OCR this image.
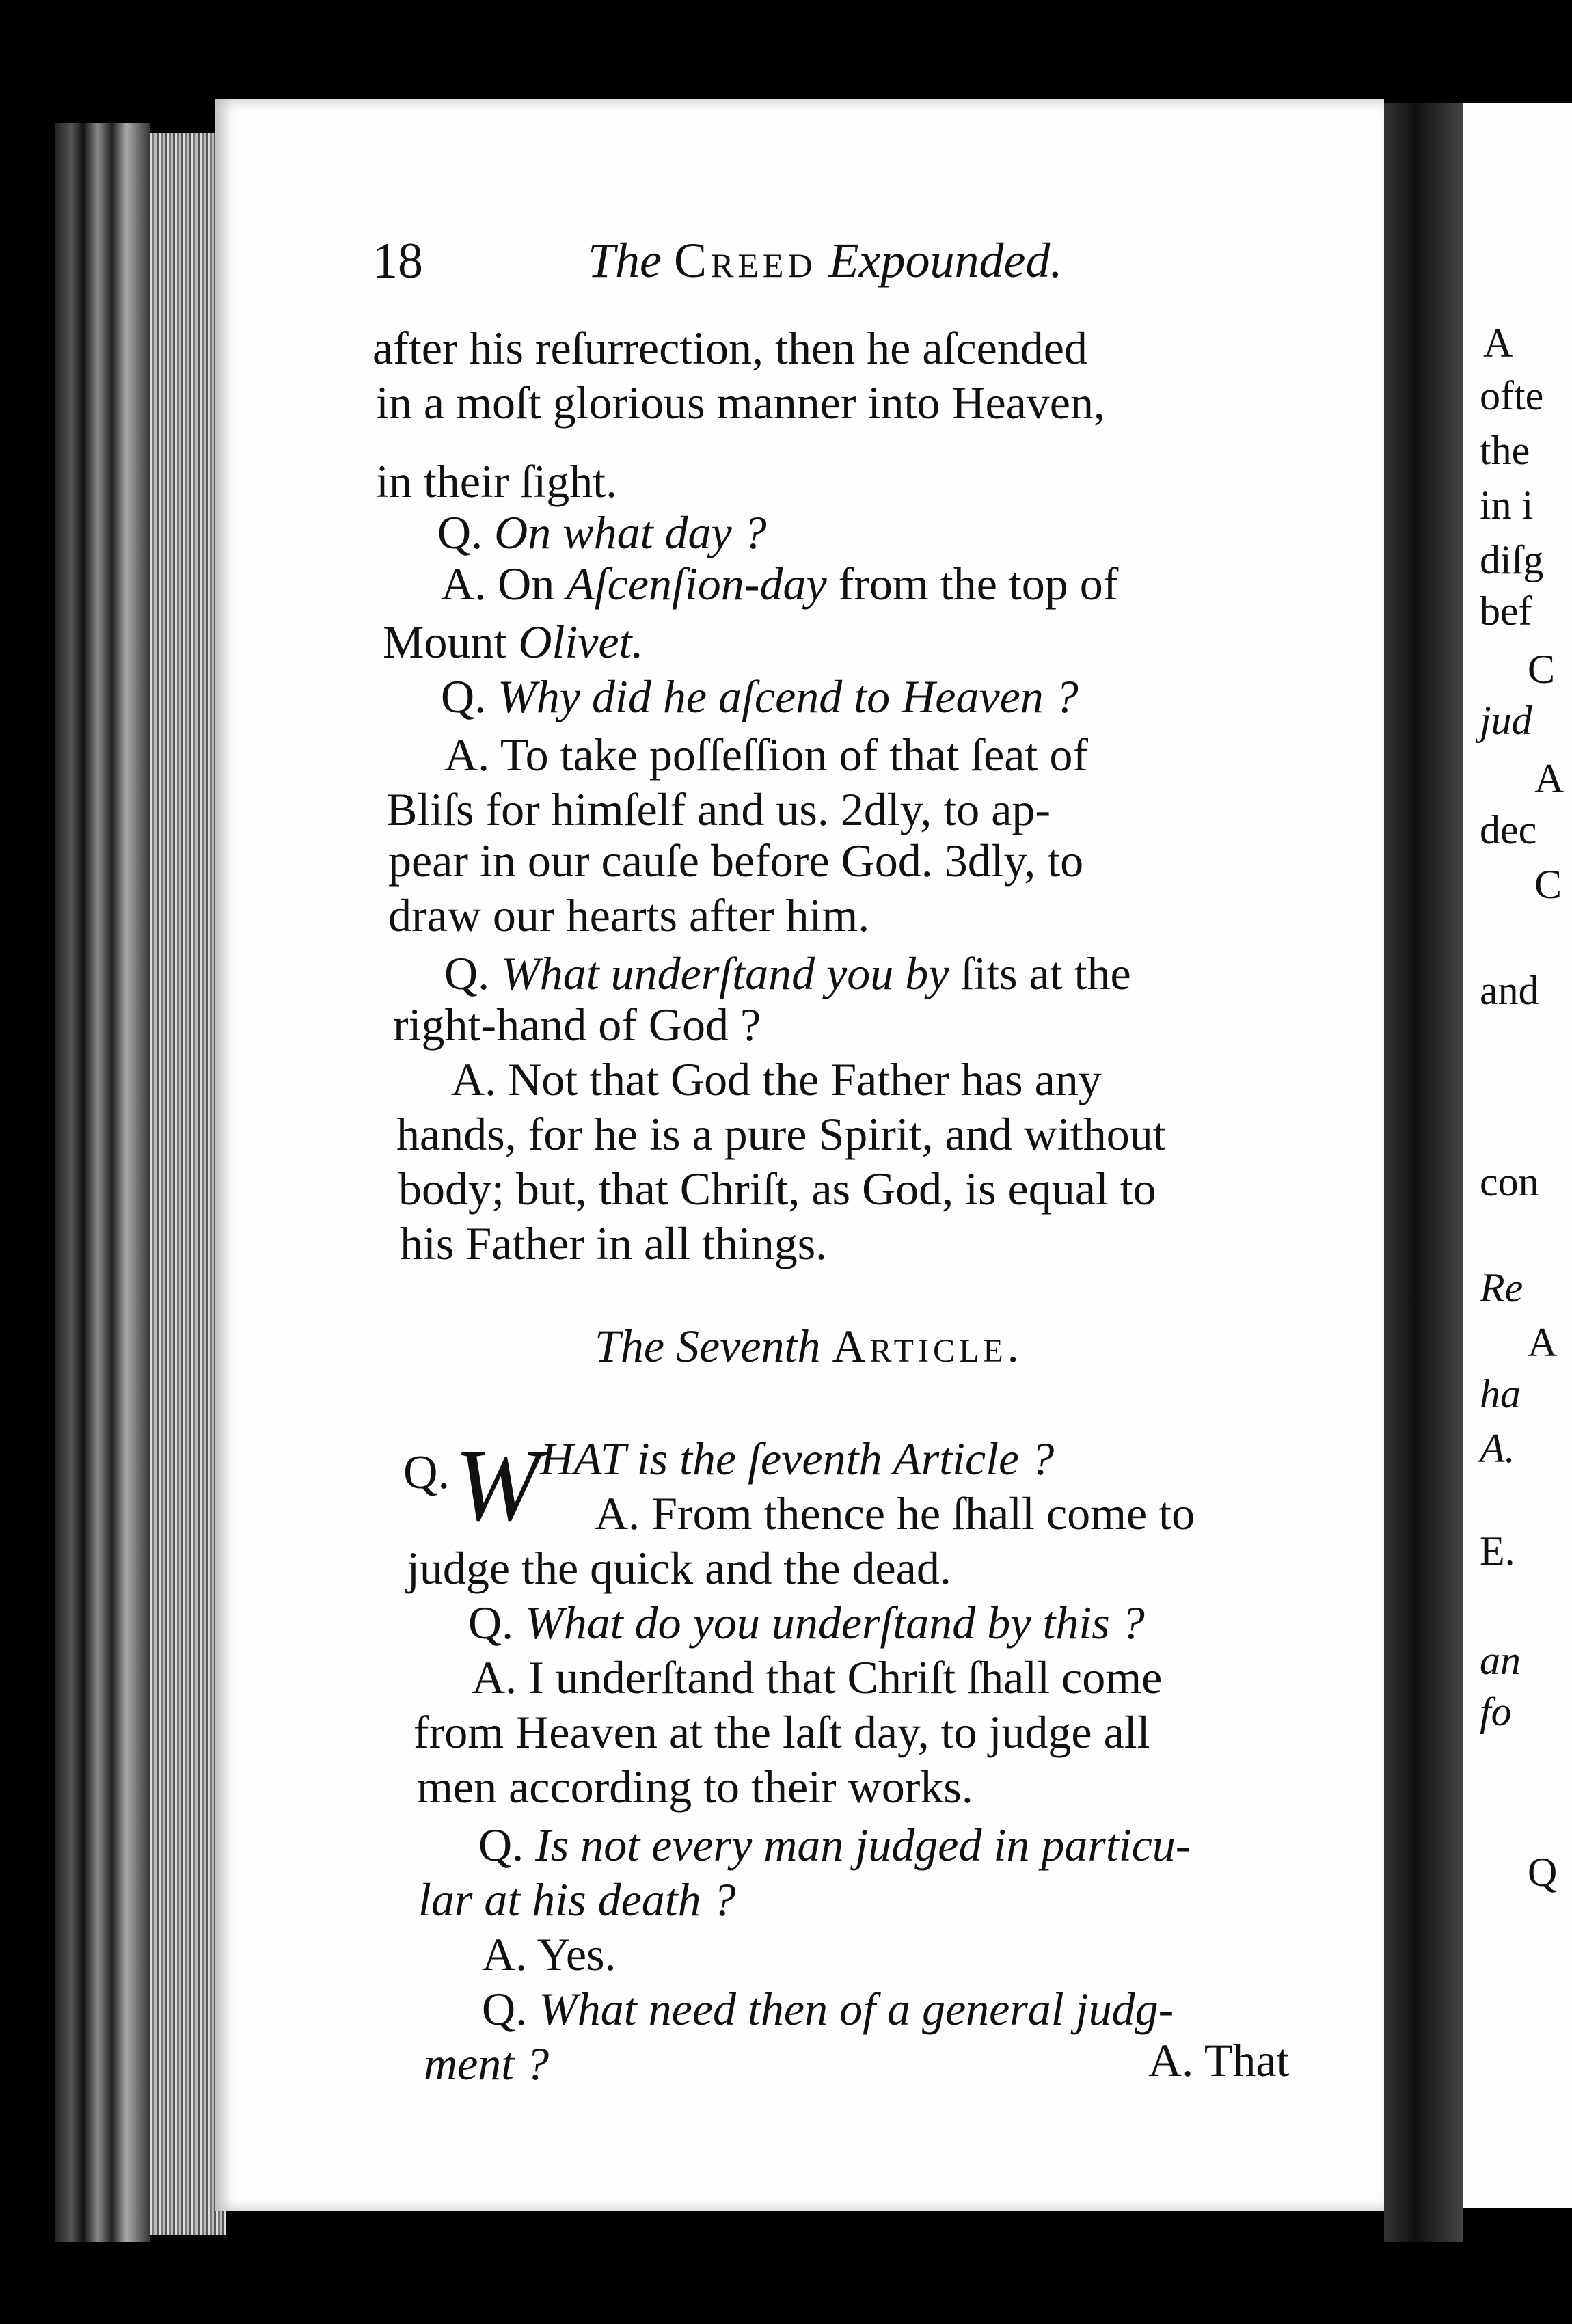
A
ofte
the
in i
diſg
bef
C
jud
A
dec
C
and
con
Re
A
ha
A.
E.
an
fo
Q
18	The Creed Expounded.
after his reſurrection, then he aſcended
in a moſt glorious manner into Heaven,
in their ſight.
Q. On what day ?
A. On Aſcenſion-day from the top of
Mount Olivet.
Q. Why did he aſcend to Heaven ?
A. To take poſſeſſion of that ſeat of
Bliſs for himſelf and us. 2dly, to ap-
pear in our cauſe before God. 3dly, to
draw our hearts after him.
Q. What underſtand you by ſits at the
right-hand of God ?
A. Not that God the Father has any
hands, for he is a pure Spirit, and without
body; but, that Chriſt, as God, is equal to
his Father in all things.
The Seventh Article.
Q. W HAT is the ſeventh Article ?
A. From thence he ſhall come to
judge the quick and the dead.
Q. What do you underſtand by this ?
A. I underſtand that Chriſt ſhall come
from Heaven at the laſt day, to judge all
men according to their works.
Q. Is not every man judged in particu-
lar at his death ?
A. Yes.
Q. What need then of a general judg-
ment ?	A. That
